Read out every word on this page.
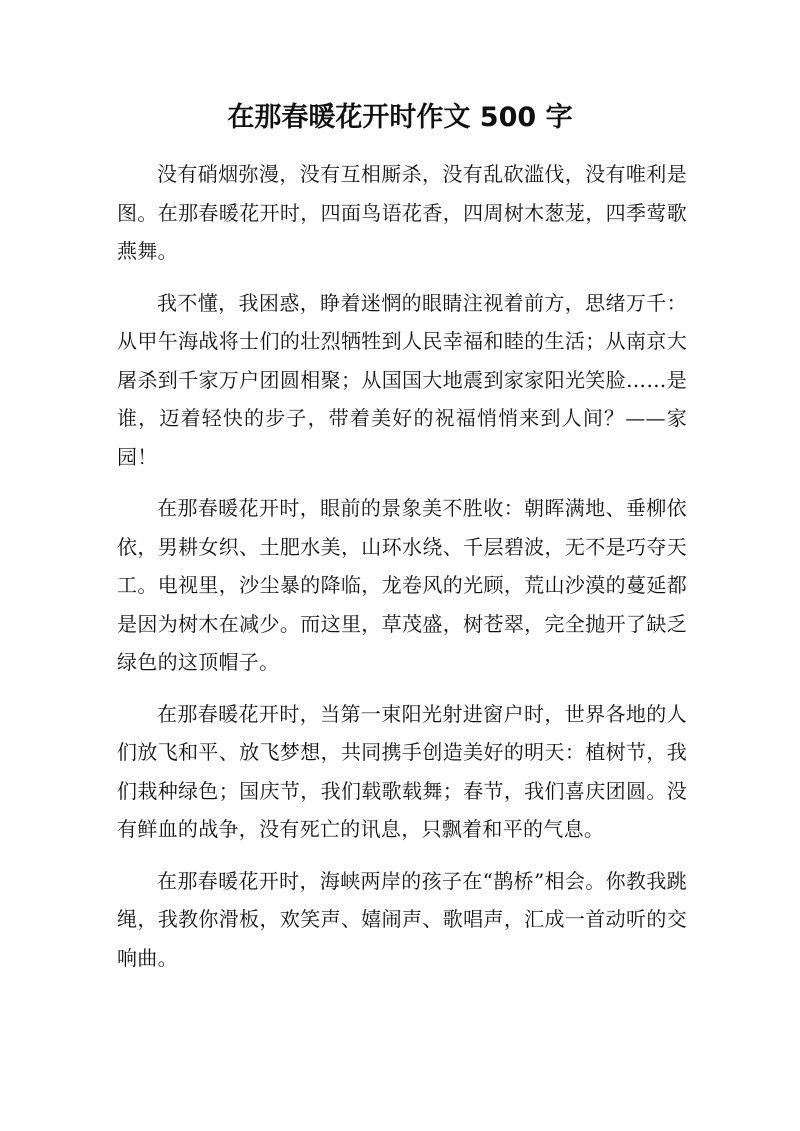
在那春暖花开时作文 500 字

没有硝烟弥漫，没有互相厮杀，没有乱砍滥伐，没有唯利是图。在那春暖花开时，四面鸟语花香，四周树木葱茏，四季莺歌燕舞。

我不懂，我困惑，睁着迷惘的眼睛注视着前方，思绪万千：从甲午海战将士们的壮烈牺牲到人民幸福和睦的生活；从南京大屠杀到千家万户团圆相聚；从国国大地震到家家阳光笑脸……是谁，迈着轻快的步子，带着美好的祝福悄悄来到人间？——家园！

在那春暖花开时，眼前的景象美不胜收：朝晖满地、垂柳依依，男耕女织、土肥水美，山环水绕、千层碧波，无不是巧夺天工。电视里，沙尘暴的降临，龙卷风的光顾，荒山沙漠的蔓延都是因为树木在减少。而这里，草茂盛，树苍翠，完全抛开了缺乏绿色的这顶帽子。

在那春暖花开时，当第一束阳光射进窗户时，世界各地的人们放飞和平、放飞梦想，共同携手创造美好的明天：植树节，我们栽种绿色；国庆节，我们载歌载舞；春节，我们喜庆团圆。没有鲜血的战争，没有死亡的讯息，只飘着和平的气息。

在那春暖花开时，海峡两岸的孩子在“鹊桥”相会。你教我跳绳，我教你滑板，欢笑声、嬉闹声、歌唱声，汇成一首动听的交响曲。
